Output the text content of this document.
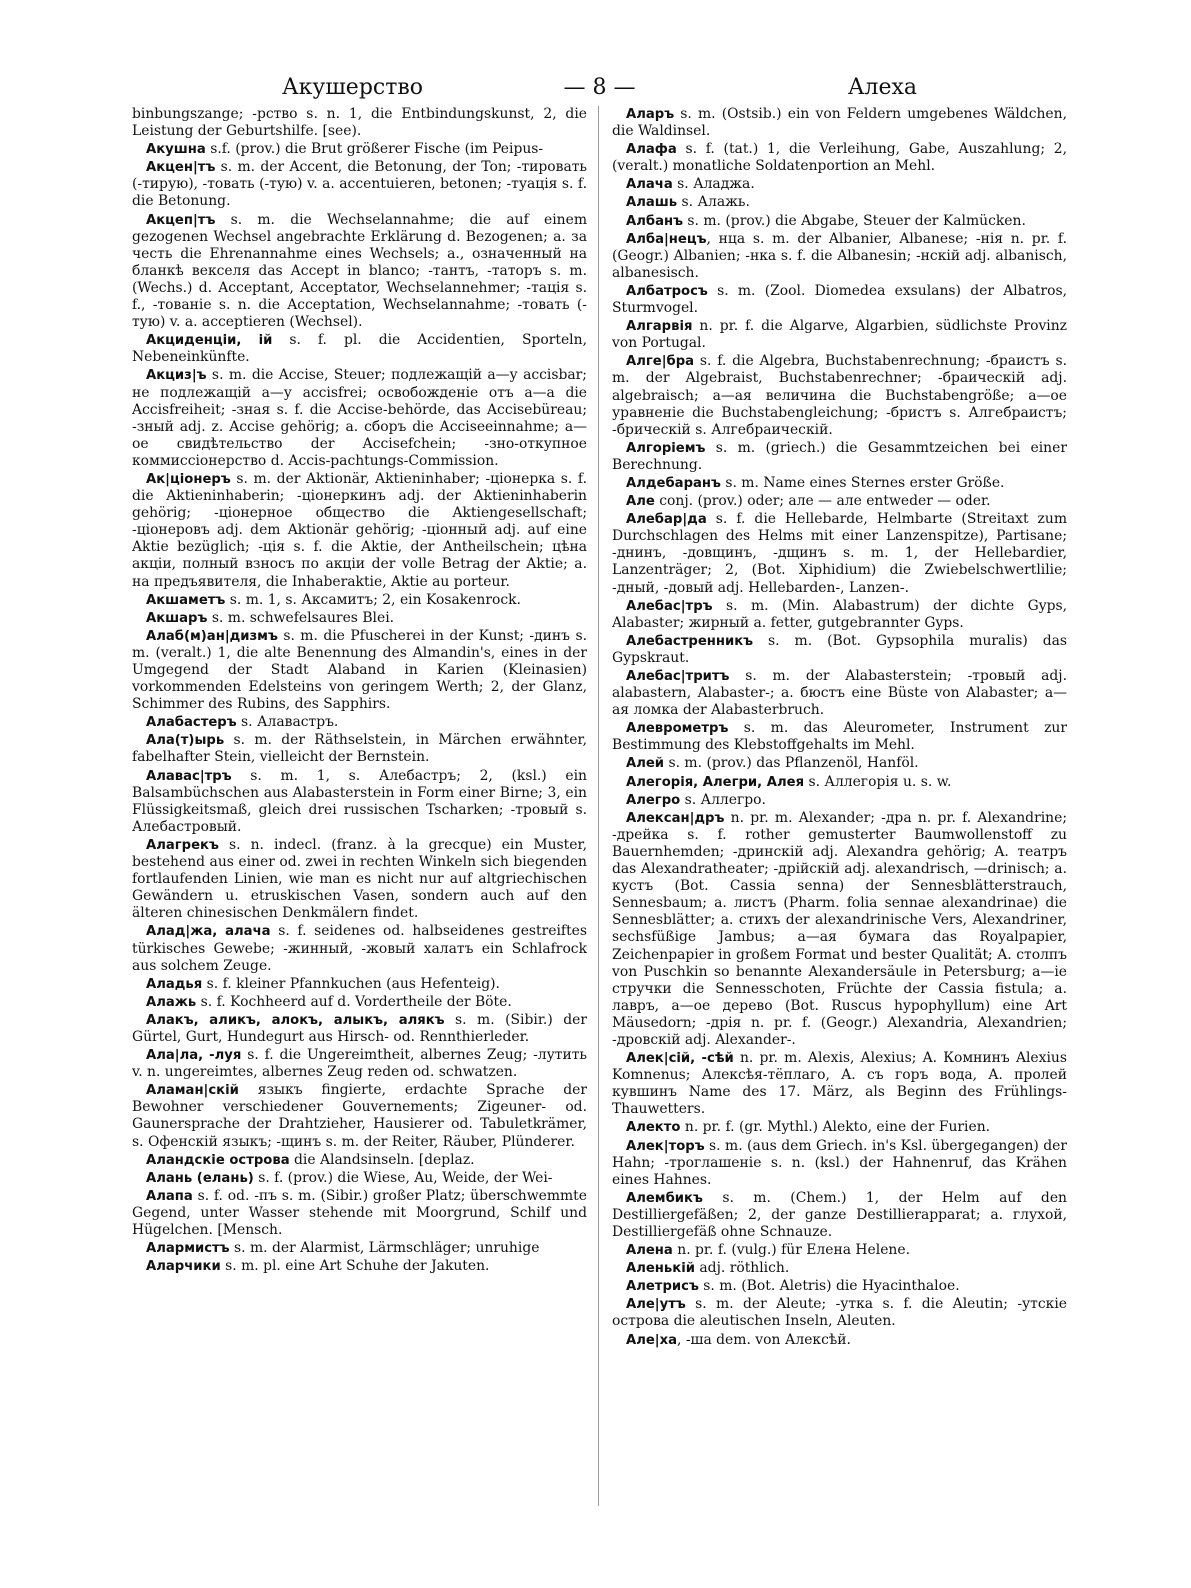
Акушерство	— 8 —	Алеха

binbungszange; -рство s. n. 1, die Entbindungskunst, 2, die Leistung der Geburtshilfe. [see).

Акушна s.f. (prov.) die Brut größerer Fische (im Peipus-

Акцен|тъ s. m. der Accent, die Betonung, der Ton; -тировать (-тирую), -товать (-тую) v. a. accentuieren, betonen; -туація s. f. die Betonung.

Акцеп|тъ s. m. die Wechselannahme; die auf einem gezogenen Wechsel angebrachte Erklärung d. Bezogenen; a. за честь die Ehrenannahme eines Wechsels; a., означенный на бланкѣ векселя das Accept in blanco; -тантъ, -таторъ s. m. (Wechs.) d. Acceptant, Acceptator, Wechselannehmer; -тація s. f., -тованіе s. n. die Acceptation, Wechselannahme; -товать (-тую) v. a. acceptieren (Wechsel).

Акциденціи, ій s. f. pl. die Accidentien, Sporteln, Nebeneinkünfte.

Акциз|ъ s. m. die Accise, Steuer; подлежащій а—у accisbar; не подлежащій а—у accisfrei; освобожденіе отъ а—а die Accisfreiheit; -зная s. f. die Accise-behörde, das Accisebüreau; -зный adj. z. Accise gehörig; a. сборъ die Acciseeinnahme; а—ое свидѣтельство der Accisefchein; -зно-откупное коммиссіонерство d. Accis-pachtungs-Commission.

Ак|ціонеръ s. m. der Aktionär, Aktieninhaber; -ціонерка s. f. die Aktieninhaberin; -ціонеркинъ adj. der Aktieninhaberin gehörig; -ціонерное общество die Aktiengesellschaft; -ціонеровъ adj. dem Aktionär gehörig; -ціонный adj. auf eine Aktie bezüglich; -ція s. f. die Aktie, der Antheilschein; цѣна акціи, полный взносъ по акціи der volle Betrag der Aktie; a. на предъявителя, die Inhaberaktie, Aktie au porteur.

Акшаметъ s. m. 1, s. Аксамитъ; 2, ein Kosakenrock.

Акшаръ s. m. schwefelsaures Blei.

Алаб(м)ан|дизмъ s. m. die Pfuscherei in der Kunst; -динъ s. m. (veralt.) 1, die alte Benennung des Almandin's, eines in der Umgegend der Stadt Alaband in Karien (Kleinasien) vorkommenden Edelsteins von geringem Werth; 2, der Glanz, Schimmer des Rubins, des Sapphirs.

Алабастеръ s. Алавастръ.

Ала(т)ырь s. m. der Räthselstein, in Märchen erwähnter, fabelhafter Stein, vielleicht der Bernstein.

Алавас|тръ s. m. 1, s. Алебастръ; 2, (ksl.) ein Balsambüchschen aus Alabasterstein in Form einer Birne; 3, ein Flüssigkeitsmaß, gleich drei russischen Tscharken; -тровый s. Алебастровый.

Алагрекъ s. n. indecl. (franz. à la grecque) ein Muster, bestehend aus einer od. zwei in rechten Winkeln sich biegenden fortlaufenden Linien, wie man es nicht nur auf altgriechischen Gewändern u. etruskischen Vasen, sondern auch auf den älteren chinesischen Denkmälern findet.

Алад|жа, алача s. f. seidenes od. halbseidenes gestreiftes türkisches Gewebe; -жинный, -жовый халатъ ein Schlafrock aus solchem Zeuge.

Аладья s. f. kleiner Pfannkuchen (aus Hefenteig).

Алажь s. f. Kochheerd auf d. Vordertheile der Böte.

Алакъ, аликъ, алокъ, алыкъ, алякъ s. m. (Sibir.) der Gürtel, Gurt, Hundegurt aus Hirsch- od. Rennthierleder.

Ала|ла, -луя s. f. die Ungereimtheit, albernes Zeug; -лутить v. n. ungereimtes, albernes Zeug reden od. schwatzen.

Аламан|скій языкъ fingierte, erdachte Sprache der Bewohner verschiedener Gouvernements; Zigeuner- od. Gaunersprache der Drahtzieher, Hausierer od. Tabuletkrämer, s. Офенскій языкъ; -щинъ s. m. der Reiter, Räuber, Plünderer.

Аландскіе острова die Alandsinseln. [deplaz.

Алань (елань) s. f. (prov.) die Wiese, Au, Weide, der Wei-

Алапа s. f. od. -пъ s. m. (Sibir.) großer Platz; überschwemmte Gegend, unter Wasser stehende mit Moorgrund, Schilf und Hügelchen. [Mensch.

Алармистъ s. m. der Alarmist, Lärmschläger; unruhige

Аларчики s. m. pl. eine Art Schuhe der Jakuten.

Аларъ s. m. (Ostsib.) ein von Feldern umgebenes Wäldchen, die Waldinsel.

Алафа s. f. (tat.) 1, die Verleihung, Gabe, Auszahlung; 2, (veralt.) monatliche Soldatenportion an Mehl.

Алача s. Аладжа.

Алашь s. Алажь.

Албанъ s. m. (prov.) die Abgabe, Steuer der Kalmücken.

Алба|нецъ, нца s. m. der Albanier, Albanese; -нія n. pr. f. (Geogr.) Albanien; -нка s. f. die Albanesin; -нскій adj. albanisch, albanesisch.

Албатросъ s. m. (Zool. Diomedea exsulans) der Albatros, Sturmvogel.

Алгарвія n. pr. f. die Algarve, Algarbien, südlichste Provinz von Portugal.

Алге|бра s. f. die Algebra, Buchstabenrechnung; -браистъ s. m. der Algebraist, Buchstabenrechner; -браическій adj. algebraisch; a—ая величина die Buchstabengröße; a—ое уравненіе die Buchstabengleichung; -бристъ s. Алгебраистъ; -брическій s. Алгебраическій.

Алгоріемъ s. m. (griech.) die Gesammtzeichen bei einer Berechnung.

Алдебаранъ s. m. Name eines Sternes erster Größe.

Але conj. (prov.) oder; але — але entweder — oder.

Алебар|да s. f. die Hellebarde, Helmbarte (Streitaxt zum Durchschlagen des Helms mit einer Lanzenspitze), Partisane; -днинъ, -довщинъ, -дщинъ s. m. 1, der Hellebardier, Lanzenträger; 2, (Bot. Xiphidium) die Zwiebelschwertlilie; -дный, -довый adj. Hellebarden-, Lanzen-.

Алебас|тръ s. m. (Min. Alabastrum) der dichte Gyps, Alabaster; жирный a. fetter, gutgebrannter Gyps.

Алебастренникъ s. m. (Bot. Gypsophila muralis) das Gypskraut.

Алебас|тритъ s. m. der Alabasterstein; -тровый adj. alabastern, Alabaster-; a. бюстъ eine Büste von Alabaster; а—ая ломка der Alabasterbruch.

Алеврометръ s. m. das Aleurometer, Instrument zur Bestimmung des Klebstoffgehalts im Mehl.

Алей s. m. (prov.) das Pflanzenöl, Hanföl.

Алегорія, Алегри, Алея s. Аллегорія u. s. w.

Алегро s. Аллегро.

Алексан|дръ n. pr. m. Alexander; -дра n. pr. f. Alexandrine; -дрейка s. f. rother gemusterter Baumwollenstoff zu Bauernhemden; -дринскій adj. Alexandra gehörig; A. театръ das Alexandratheater; -дрійскій adj. alexandrisch, —drinisch; a. кустъ (Bot. Cassia senna) der Sennesblätterstrauch, Sennesbaum; a. листъ (Pharm. folia sennae alexandrinae) die Sennesblätter; a. стихъ der alexandrinische Vers, Alexandriner, sechsfüßige Jambus; a—ая бумага das Royalpapier, Zeichenpapier in großem Format und bester Qualität; A. столпъ von Puschkin so benannte Alexandersäule in Petersburg; а—іе стручки die Sennesschoten, Früchte der Cassia fistula; a. лавръ, а—ое дерево (Bot. Ruscus hypophyllum) eine Art Mäusedorn; -дрія n. pr. f. (Geogr.) Alexandria, Alexandrien; -дровскій adj. Alexander-.

Алек|сій, -сѣй n. pr. m. Alexis, Alexius; A. Комнинъ Alexius Komnenus; Алексѣя-тёплаго, A. съ горъ вода, A. пролей кувшинъ Name des 17. März, als Beginn des Frühlings-Thauwetters.

Алекто n. pr. f. (gr. Mythl.) Alekto, eine der Furien.

Алек|торъ s. m. (aus dem Griech. in's Ksl. übergegangen) der Hahn; -троглашеніе s. n. (ksl.) der Hahnenruf, das Krähen eines Hahnes.

Алембикъ s. m. (Chem.) 1, der Helm auf den Destilliergefäßen; 2, der ganze Destillierapparat; a. глухой, Destilliergefäß ohne Schnauze.

Алена n. pr. f. (vulg.) für Елена Helene.

Аленькій adj. röthlich.

Алетрисъ s. m. (Bot. Aletris) die Hyacinthaloe.

Але|утъ s. m. der Aleute; -утка s. f. die Aleutin; -утскіе острова die aleutischen Inseln, Aleuten.

Але|ха, -ша dem. von Алексѣй.
